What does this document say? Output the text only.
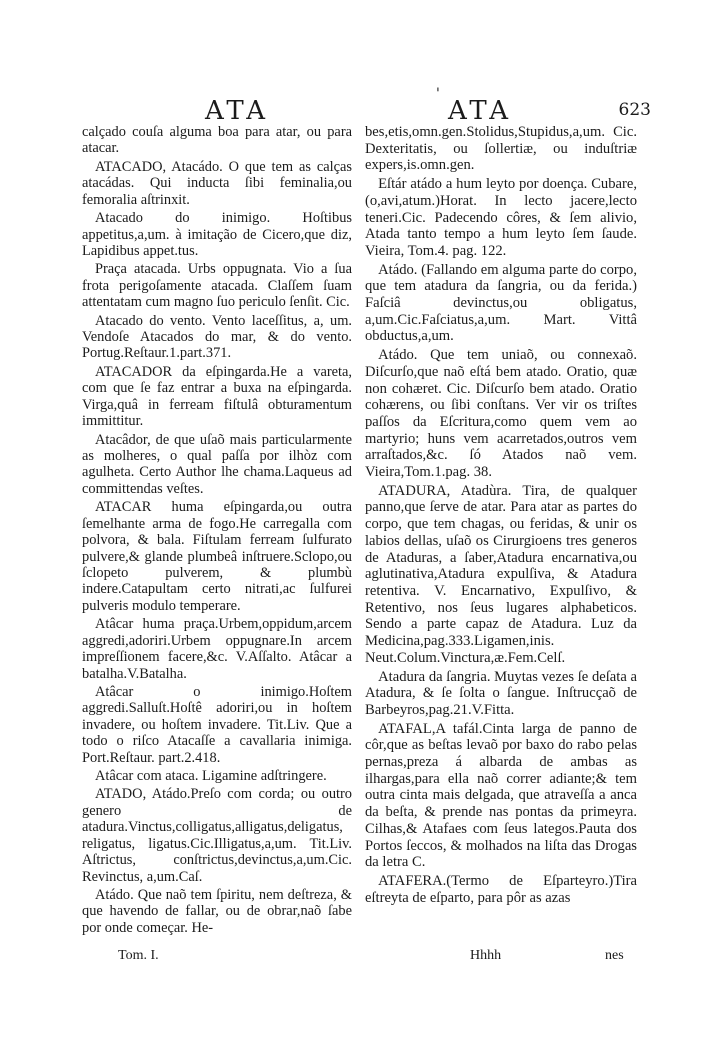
ATA
'
ATA	623

calçado couſa alguma boa para atar, ou para atacar.

ATACADO, Atacádo. O que tem as calças atacádas. Qui inducta ſibi feminalia,ou femoralia aſtrinxit.

Atacado do inimigo. Hoſtibus appetitus,a,um. à imitação de Cicero,que diz, Lapidibus appet.tus.

Praça atacada. Urbs oppugnata. Vio a ſua frota perigoſamente atacada. Claſſem ſuam attentatam cum magno ſuo periculo ſenſit. Cic.

Atacado do vento. Vento laceſſitus, a, um. Vendoſe Atacados do mar, & do vento. Portug.Reſtaur.1.part.371.

ATACADOR da eſpingarda.He a vareta, com que ſe faz entrar a buxa na eſpingarda. Virga,quâ in ferream fiſtulâ obturamentum immittitur.

Atacâdor, de que uſaõ mais particularmente as molheres, o qual paſſa por ilhòz com agulheta. Certo Author lhe chama.Laqueus ad committendas veſtes.

ATACAR huma eſpingarda,ou outra ſemelhante arma de fogo.He carregalla com polvora, & bala. Fiſtulam ferream ſulfurato pulvere,& glande plumbeâ inſtruere.Sclopo,ou ſclopeto pulverem, & plumbù indere.Catapultam certo nitrati,ac ſulfurei pulveris modulo temperare.

Atâcar huma praça.Urbem,oppidum,arcem aggredi,adoriri.Urbem oppugnare.In arcem impreſſionem facere,&c. V.Aſſalto. Atâcar a batalha.V.Batalha.

Atâcar o inimigo.Hoſtem aggredi.Salluſt.Hoſtê adoriri,ou in hoſtem invadere, ou hoſtem invadere. Tit.Liv. Que a todo o riſco Atacaſſe a cavallaria inimiga. Port.Reſtaur. part.2.418.

Atâcar com ataca. Ligamine adſtringere.

ATADO, Atádo.Preſo com corda; ou outro genero de atadura.Vinctus,colligatus,alligatus,deligatus, religatus, ligatus.Cic.Illigatus,a,um. Tit.Liv. Aſtrictus, conſtrictus,devinctus,a,um.Cic. Revinctus, a,um.Caſ.

Atádo. Que naõ tem ſpiritu, nem deſtreza, & que havendo de fallar, ou de obrar,naõ ſabe por onde começar. He-

bes,etis,omn.gen.Stolidus,Stupidus,a,um. Cic. Dexteritatis, ou ſollertiæ, ou induſtriæ expers,is.omn.gen.

Eſtár atádo a hum leyto por doença. Cubare,(o,avi,atum.)Horat. In lecto jacere,lecto teneri.Cic. Padecendo côres, & ſem alivio, Atada tanto tempo a hum leyto ſem ſaude. Vieira, Tom.4. pag. 122.

Atádo. (Fallando em alguma parte do corpo, que tem atadura da ſangria, ou da ferida.) Faſciâ devinctus,ou obligatus, a,um.Cic.Faſciatus,a,um. Mart. Vittâ obductus,a,um.

Atádo. Que tem uniaõ, ou connexaõ. Diſcurſo,que naõ eſtá bem atado. Oratio, quæ non cohæret. Cic. Diſcurſo bem atado. Oratio cohærens, ou ſibi conſtans. Ver vir os triſtes paſſos da Eſcritura,como quem vem ao martyrio; huns vem acarretados,outros vem arraſtados,&c. ſó Atados naõ vem. Vieira,Tom.1.pag. 38.

ATADURA, Atadùra. Tira, de qualquer panno,que ſerve de atar. Para atar as partes do corpo, que tem chagas, ou feridas, & unir os labios dellas, uſaõ os Cirurgioens tres generos de Ataduras, a ſaber,Atadura encarnativa,ou aglutinativa,Atadura expulſiva, & Atadura retentiva. V. Encarnativo, Expulſivo, & Retentivo, nos ſeus lugares alphabeticos. Sendo a parte capaz de Atadura. Luz da Medicina,pag.333.Ligamen,inis. Neut.Colum.Vinctura,æ.Fem.Celſ.

Atadura da ſangria. Muytas vezes ſe deſata a Atadura, & ſe ſolta o ſangue. Inſtrucçaõ de Barbeyros,pag.21.V.Fitta.

ATAFAL,A tafál.Cinta larga de panno de côr,que as beſtas levaõ por baxo do rabo pelas pernas,preza á albarda de ambas as ilhargas,para ella naõ correr adiante;& tem outra cinta mais delgada, que atraveſſa a anca da beſta, & prende nas pontas da primeyra. Cilhas,& Atafaes com ſeus lategos.Pauta dos Portos ſeccos, & molhados na liſta das Drogas da letra C.

ATAFERA.(Termo de Eſparteyro.)Tira eſtreyta de eſparto, para pôr as azas

Tom. I.	Hhhh	nes
